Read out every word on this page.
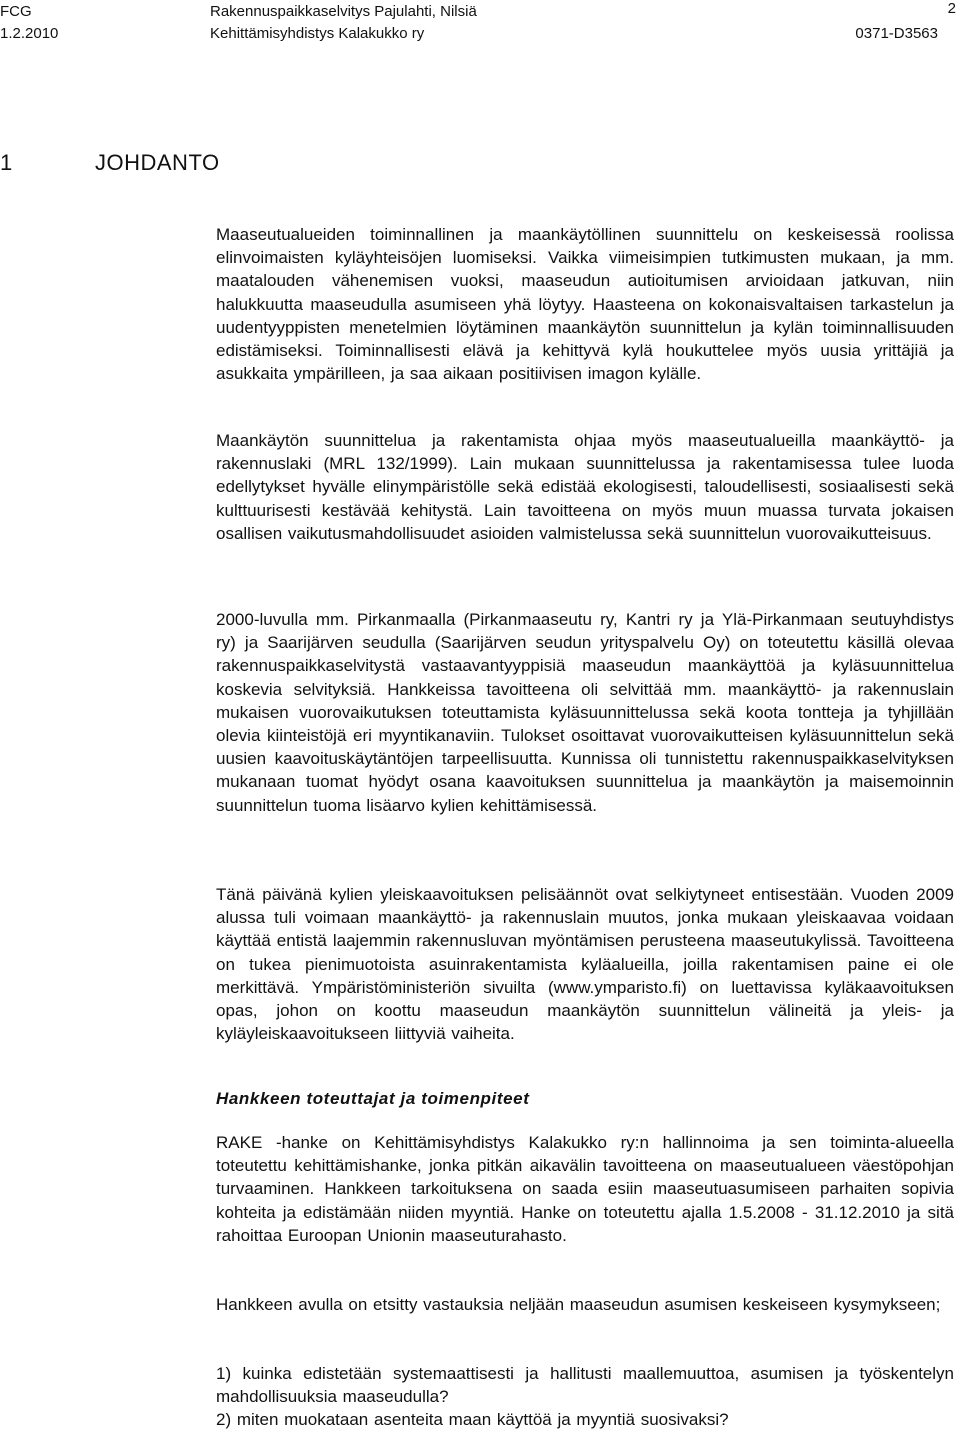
FCG
1.2.2010
Rakennuspaikkaselvitys Pajulahti, Nilsiä
Kehittämisyhdistys Kalakukko ry	0371-D3563
2
1	JOHDANTO

Maaseutualueiden toiminnallinen ja maankäytöllinen suunnittelu on keskeisessä roolissa elinvoimaisten kyläyhteisöjen luomiseksi. Vaikka viimeisimpien tutkimusten mukaan, ja mm. maatalouden vähenemisen vuoksi, maaseudun autioitumisen arvioidaan jatkuvan, niin halukkuutta maaseudulla asumiseen yhä löytyy. Haasteena on kokonaisvaltaisen tarkastelun ja uudentyyppisten menetelmien löytäminen maankäytön suunnittelun ja kylän toiminnallisuuden edistämiseksi. Toiminnallisesti elävä ja kehittyvä kylä houkuttelee myös uusia yrittäjiä ja asukkaita ympärilleen, ja saa aikaan positiivisen imagon kylälle.

Maankäytön suunnittelua ja rakentamista ohjaa myös maaseutualueilla maankäyttö- ja rakennuslaki (MRL 132/1999). Lain mukaan suunnittelussa ja rakentamisessa tulee luoda edellytykset hyvälle elinympäristölle sekä edistää ekologisesti, taloudellisesti, sosiaalisesti sekä kulttuurisesti kestävää kehitystä. Lain tavoitteena on myös muun muassa turvata jokaisen osallisen vaikutusmahdollisuudet asioiden valmistelussa sekä suunnittelun vuorovaikutteisuus.

2000-luvulla mm. Pirkanmaalla (Pirkanmaaseutu ry, Kantri ry ja Ylä-Pirkanmaan seutuyhdistys ry) ja Saarijärven seudulla (Saarijärven seudun yrityspalvelu Oy) on toteutettu käsillä olevaa rakennuspaikkaselvitystä vastaavantyyppisiä maaseudun maankäyttöä ja kyläsuunnittelua koskevia selvityksiä. Hankkeissa tavoitteena oli selvittää mm. maankäyttö- ja rakennuslain mukaisen vuorovaikutuksen toteuttamista kyläsuunnittelussa sekä koota tontteja ja tyhjillään olevia kiinteistöjä eri myyntikanaviin. Tulokset osoittavat vuorovaikutteisen kyläsuunnittelun sekä uusien kaavoituskäytäntöjen tarpeellisuutta. Kunnissa oli tunnistettu rakennuspaikkaselvityksen mukanaan tuomat hyödyt osana kaavoituksen suunnittelua ja maankäytön ja maisemoinnin suunnittelun tuoma lisäarvo kylien kehittämisessä.

Tänä päivänä kylien yleiskaavoituksen pelisäännöt ovat selkiytyneet entisestään. Vuoden 2009 alussa tuli voimaan maankäyttö- ja rakennuslain muutos, jonka mukaan yleiskaavaa voidaan käyttää entistä laajemmin rakennusluvan myöntämisen perusteena maaseutukylissä. Tavoitteena on tukea pienimuotoista asuinrakentamista kyläalueilla, joilla rakentamisen paine ei ole merkittävä. Ympäristöministeriön sivuilta (www.ymparisto.fi) on luettavissa kyläkaavoituksen opas, johon on koottu maaseudun maankäytön suunnittelun välineitä ja yleis- ja kyläyleiskaavoitukseen liittyviä vaiheita.

Hankkeen toteuttajat ja toimenpiteet

RAKE -hanke on Kehittämisyhdistys Kalakukko ry:n hallinnoima ja sen toiminta-alueella toteutettu kehittämishanke, jonka pitkän aikavälin tavoitteena on maaseutualueen väestöpohjan turvaaminen. Hankkeen tarkoituksena on saada esiin maaseutuasumiseen parhaiten sopivia kohteita ja edistämään niiden myyntiä. Hanke on toteutettu ajalla 1.5.2008 - 31.12.2010 ja sitä rahoittaa Euroopan Unionin maaseuturahasto.

Hankkeen avulla on etsitty vastauksia neljään maaseudun asumisen keskeiseen kysymykseen;

1) kuinka edistetään systemaattisesti ja hallitusti maallemuuttoa, asumisen ja työskentelyn mahdollisuuksia maaseudulla?

2) miten muokataan asenteita maan käyttöä ja myyntiä suosivaksi?
